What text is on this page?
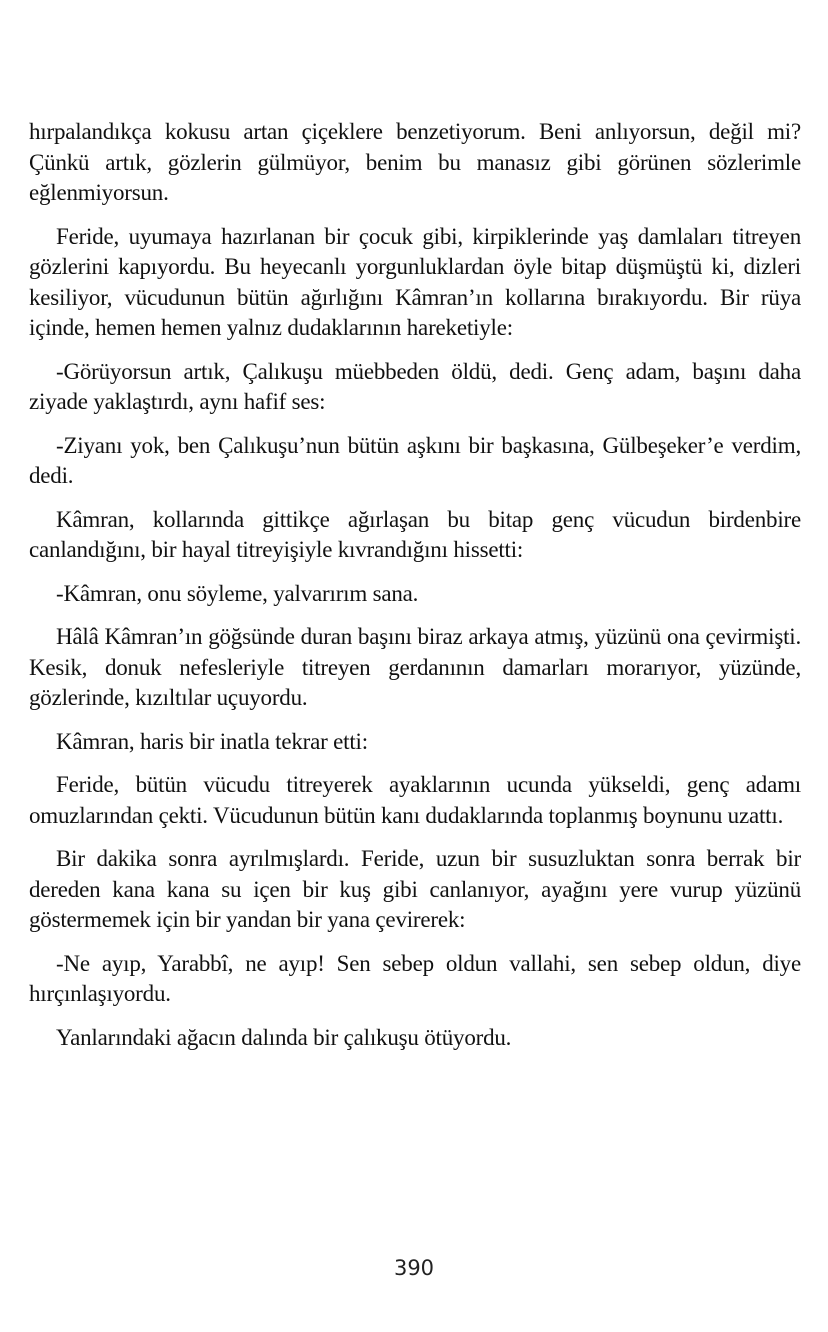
hırpalandıkça kokusu artan çiçeklere benzetiyorum. Beni anlıyorsun, değil mi? Çünkü artık, gözlerin gülmüyor, benim bu manasız gibi görünen sözlerimle eğlenmiyorsun.

Feride, uyumaya hazırlanan bir çocuk gibi, kirpiklerinde yaş damlaları titreyen gözlerini kapıyordu. Bu heyecanlı yorgunluklardan öyle bitap düşmüştü ki, dizleri kesiliyor, vücudunun bütün ağırlığını Kâmran’ın kollarına bırakıyordu. Bir rüya içinde, hemen hemen yalnız dudaklarının hareketiyle:

-Görüyorsun artık, Çalıkuşu müebbeden öldü, dedi. Genç adam, başını daha ziyade yaklaştırdı, aynı hafif ses:

-Ziyanı yok, ben Çalıkuşu’nun bütün aşkını bir başkasına, Gülbeşeker’e verdim, dedi.

Kâmran, kollarında gittikçe ağırlaşan bu bitap genç vücudun birdenbire canlandığını, bir hayal titreyişiyle kıvrandığını hissetti:

-Kâmran, onu söyleme, yalvarırım sana.

Hâlâ Kâmran’ın göğsünde duran başını biraz arkaya atmış, yüzünü ona çevirmişti. Kesik, donuk nefesleriyle titreyen gerdanının damarları morarıyor, yüzünde, gözlerinde, kızıltılar uçuyordu.

Kâmran, haris bir inatla tekrar etti:

Feride, bütün vücudu titreyerek ayaklarının ucunda yükseldi, genç adamı omuzlarından çekti. Vücudunun bütün kanı dudaklarında toplanmış boynunu uzattı.

Bir dakika sonra ayrılmışlardı. Feride, uzun bir susuzluktan sonra berrak bir dereden kana kana su içen bir kuş gibi canlanıyor, ayağını yere vurup yüzünü göstermemek için bir yandan bir yana çevirerek:

-Ne ayıp, Yarabbî, ne ayıp! Sen sebep oldun vallahi, sen sebep oldun, diye hırçınlaşıyordu.

Yanlarındaki ağacın dalında bir çalıkuşu ötüyordu.

390
